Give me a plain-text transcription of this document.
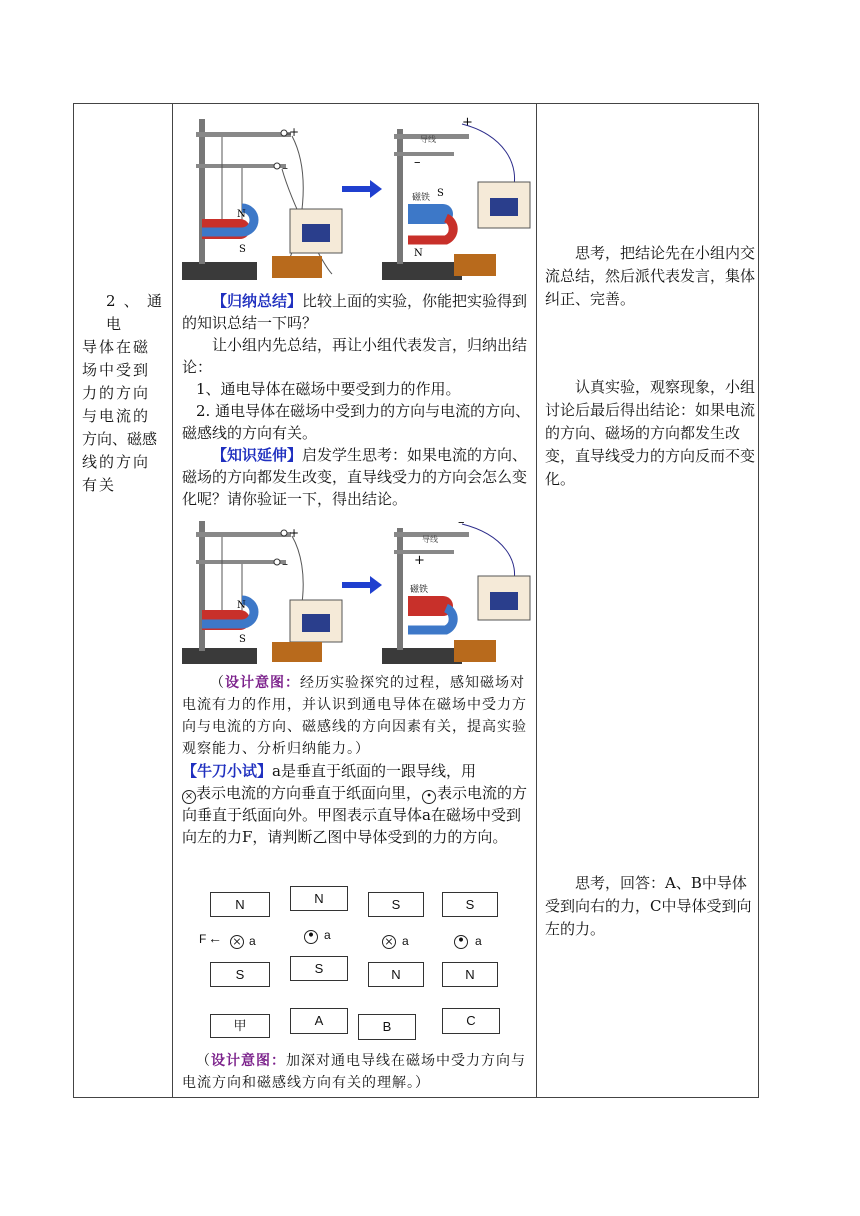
2、通电
导体在磁
场中受到
力的方向
与电流的
方向、磁感
线的方向
有关
+
–
N
S
+
–
导线
磁铁 S
N

【归纳总结】比较上面的实验，你能把实验得到的知识总结一下吗？

让小组内先总结，再让小组代表发言，归纳出结论：

1、通电导体在磁场中要受到力的作用。

2. 通电导体在磁场中受到力的方向与电流的方向、磁感线的方向有关。

【知识延伸】启发学生思考：如果电流的方向、磁场的方向都发生改变，直导线受力的方向会怎么变化呢？请你验证一下，得出结论。

+
–
N
S
–
+
导线
磁铁

（设计意图：经历实验探究的过程，感知磁场对电流有力的作用，并认识到通电导体在磁场中受力方向与电流的方向、磁感线的方向因素有关，提高实验观察能力、分析归纳能力。）

【牛刀小试】a是垂直于纸面的一跟导线，用

× 表示电流的方向垂直于纸面向里， • 表示电流的方向垂直于纸面向外。甲图表示直导体a在磁场中受到向左的力F，请判断乙图中导体受到的力的方向。

N
S
F ← × a
甲
N
S
• a
A
S
N
× a
B
S
N
• a
C

（设计意图：加深对通电导线在磁场中受力方向与电流方向和磁感线方向有关的理解。）

思考，把结论先在小组内交流总结，然后派代表发言，集体纠正、完善。

认真实验，观察现象，小组讨论后最后得出结论：如果电流的方向、磁场的方向都发生改变，直导线受力的方向反而不变化。

思考，回答：A、B中导体受到向右的力，C中导体受到向左的力。
